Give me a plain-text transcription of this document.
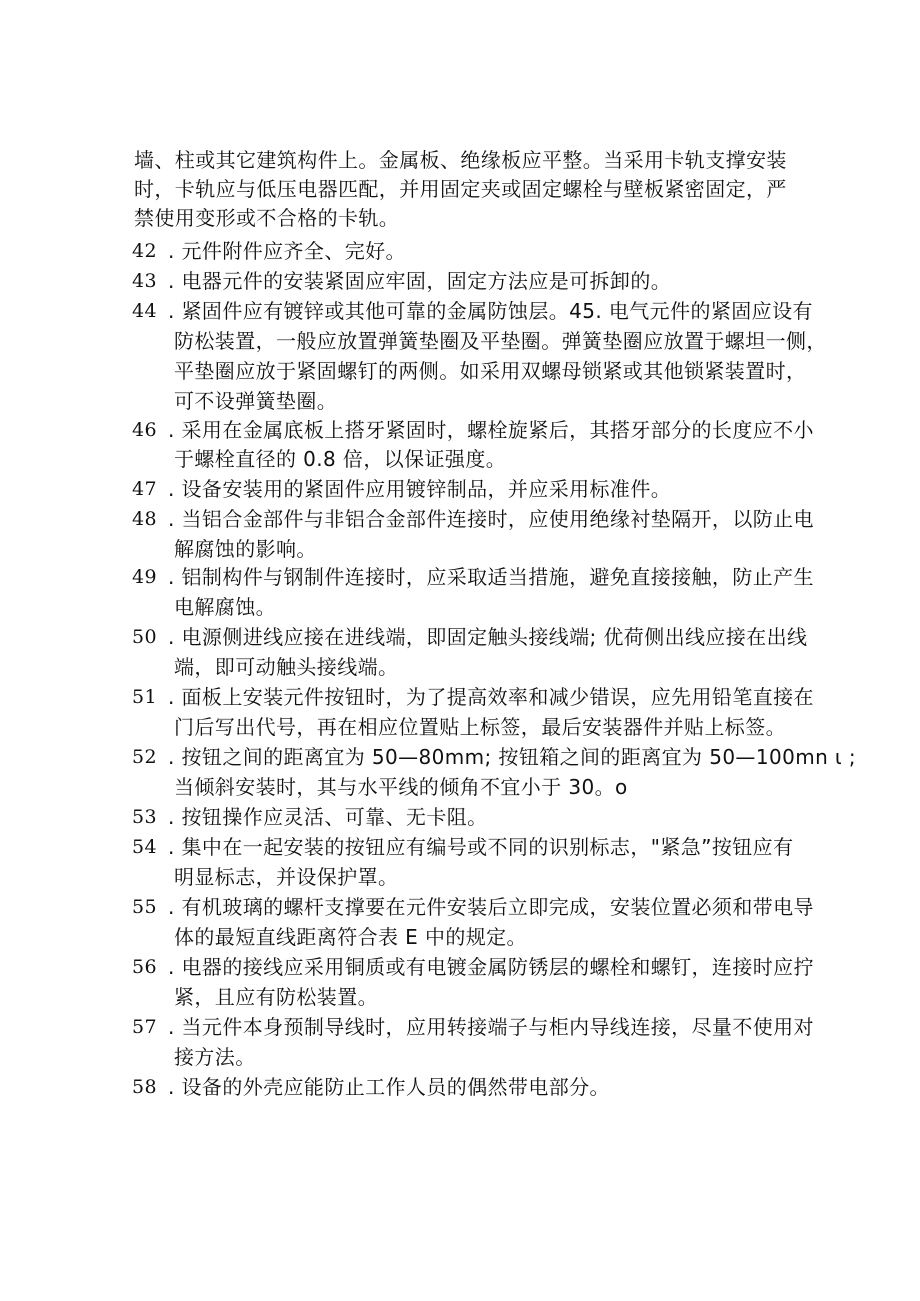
墙、柱或其它建筑构件上。金属板、绝缘板应平整。当采用卡轨支撑安装
时，卡轨应与低压电器匹配，并用固定夹或固定螺栓与壁板紧密固定，严
禁使用变形或不合格的卡轨。
42 . 元件附件应齐全、完好。
43 . 电器元件的安装紧固应牢固，固定方法应是可拆卸的。
44 . 紧固件应有镀锌或其他可靠的金属防蚀层。45. 电气元件的紧固应设有
防松装置，一般应放置弹簧垫圈及平垫圈。弹簧垫圈应放置于螺坦一侧，
平垫圈应放于紧固螺钉的两侧。如采用双螺母锁紧或其他锁紧装置时，
可不设弹簧垫圈。
46 . 采用在金属底板上搭牙紧固时，螺栓旋紧后，其搭牙部分的长度应不小
于螺栓直径的 0.8 倍，以保证强度。
47 . 设备安装用的紧固件应用镀锌制品，并应采用标准件。
48 . 当铝合金部件与非铝合金部件连接时，应使用绝缘衬垫隔开，以防止电
解腐蚀的影响。
49 . 铝制构件与钢制件连接时，应采取适当措施，避免直接接触，防止产生
电解腐蚀。
50 . 电源侧进线应接在进线端，即固定触头接线端; 优荷侧出线应接在出线
端，即可动触头接线端。
51 . 面板上安装元件按钮时，为了提高效率和减少错误，应先用铅笔直接在
门后写出代号，再在相应位置贴上标签，最后安装器件并贴上标签。
52 . 按钮之间的距离宜为 50—80mm; 按钮箱之间的距离宜为 50—100mn ι ;
当倾斜安装时，其与水平线的倾角不宜小于 30。o
53 . 按钮操作应灵活、可靠、无卡阻。
54 . 集中在一起安装的按钮应有编号或不同的识别标志，"紧急”按钮应有
明显标志，并设保护罩。
55 . 有机玻璃的螺杆支撑要在元件安装后立即完成，安装位置必须和带电导
体的最短直线距离符合表 E 中的规定。
56 . 电器的接线应采用铜质或有电镀金属防锈层的螺栓和螺钉，连接时应拧
紧，且应有防松装置。
57 . 当元件本身预制导线时，应用转接端子与柜内导线连接，尽量不使用对
接方法。
58 . 设备的外壳应能防止工作人员的偶然带电部分。
